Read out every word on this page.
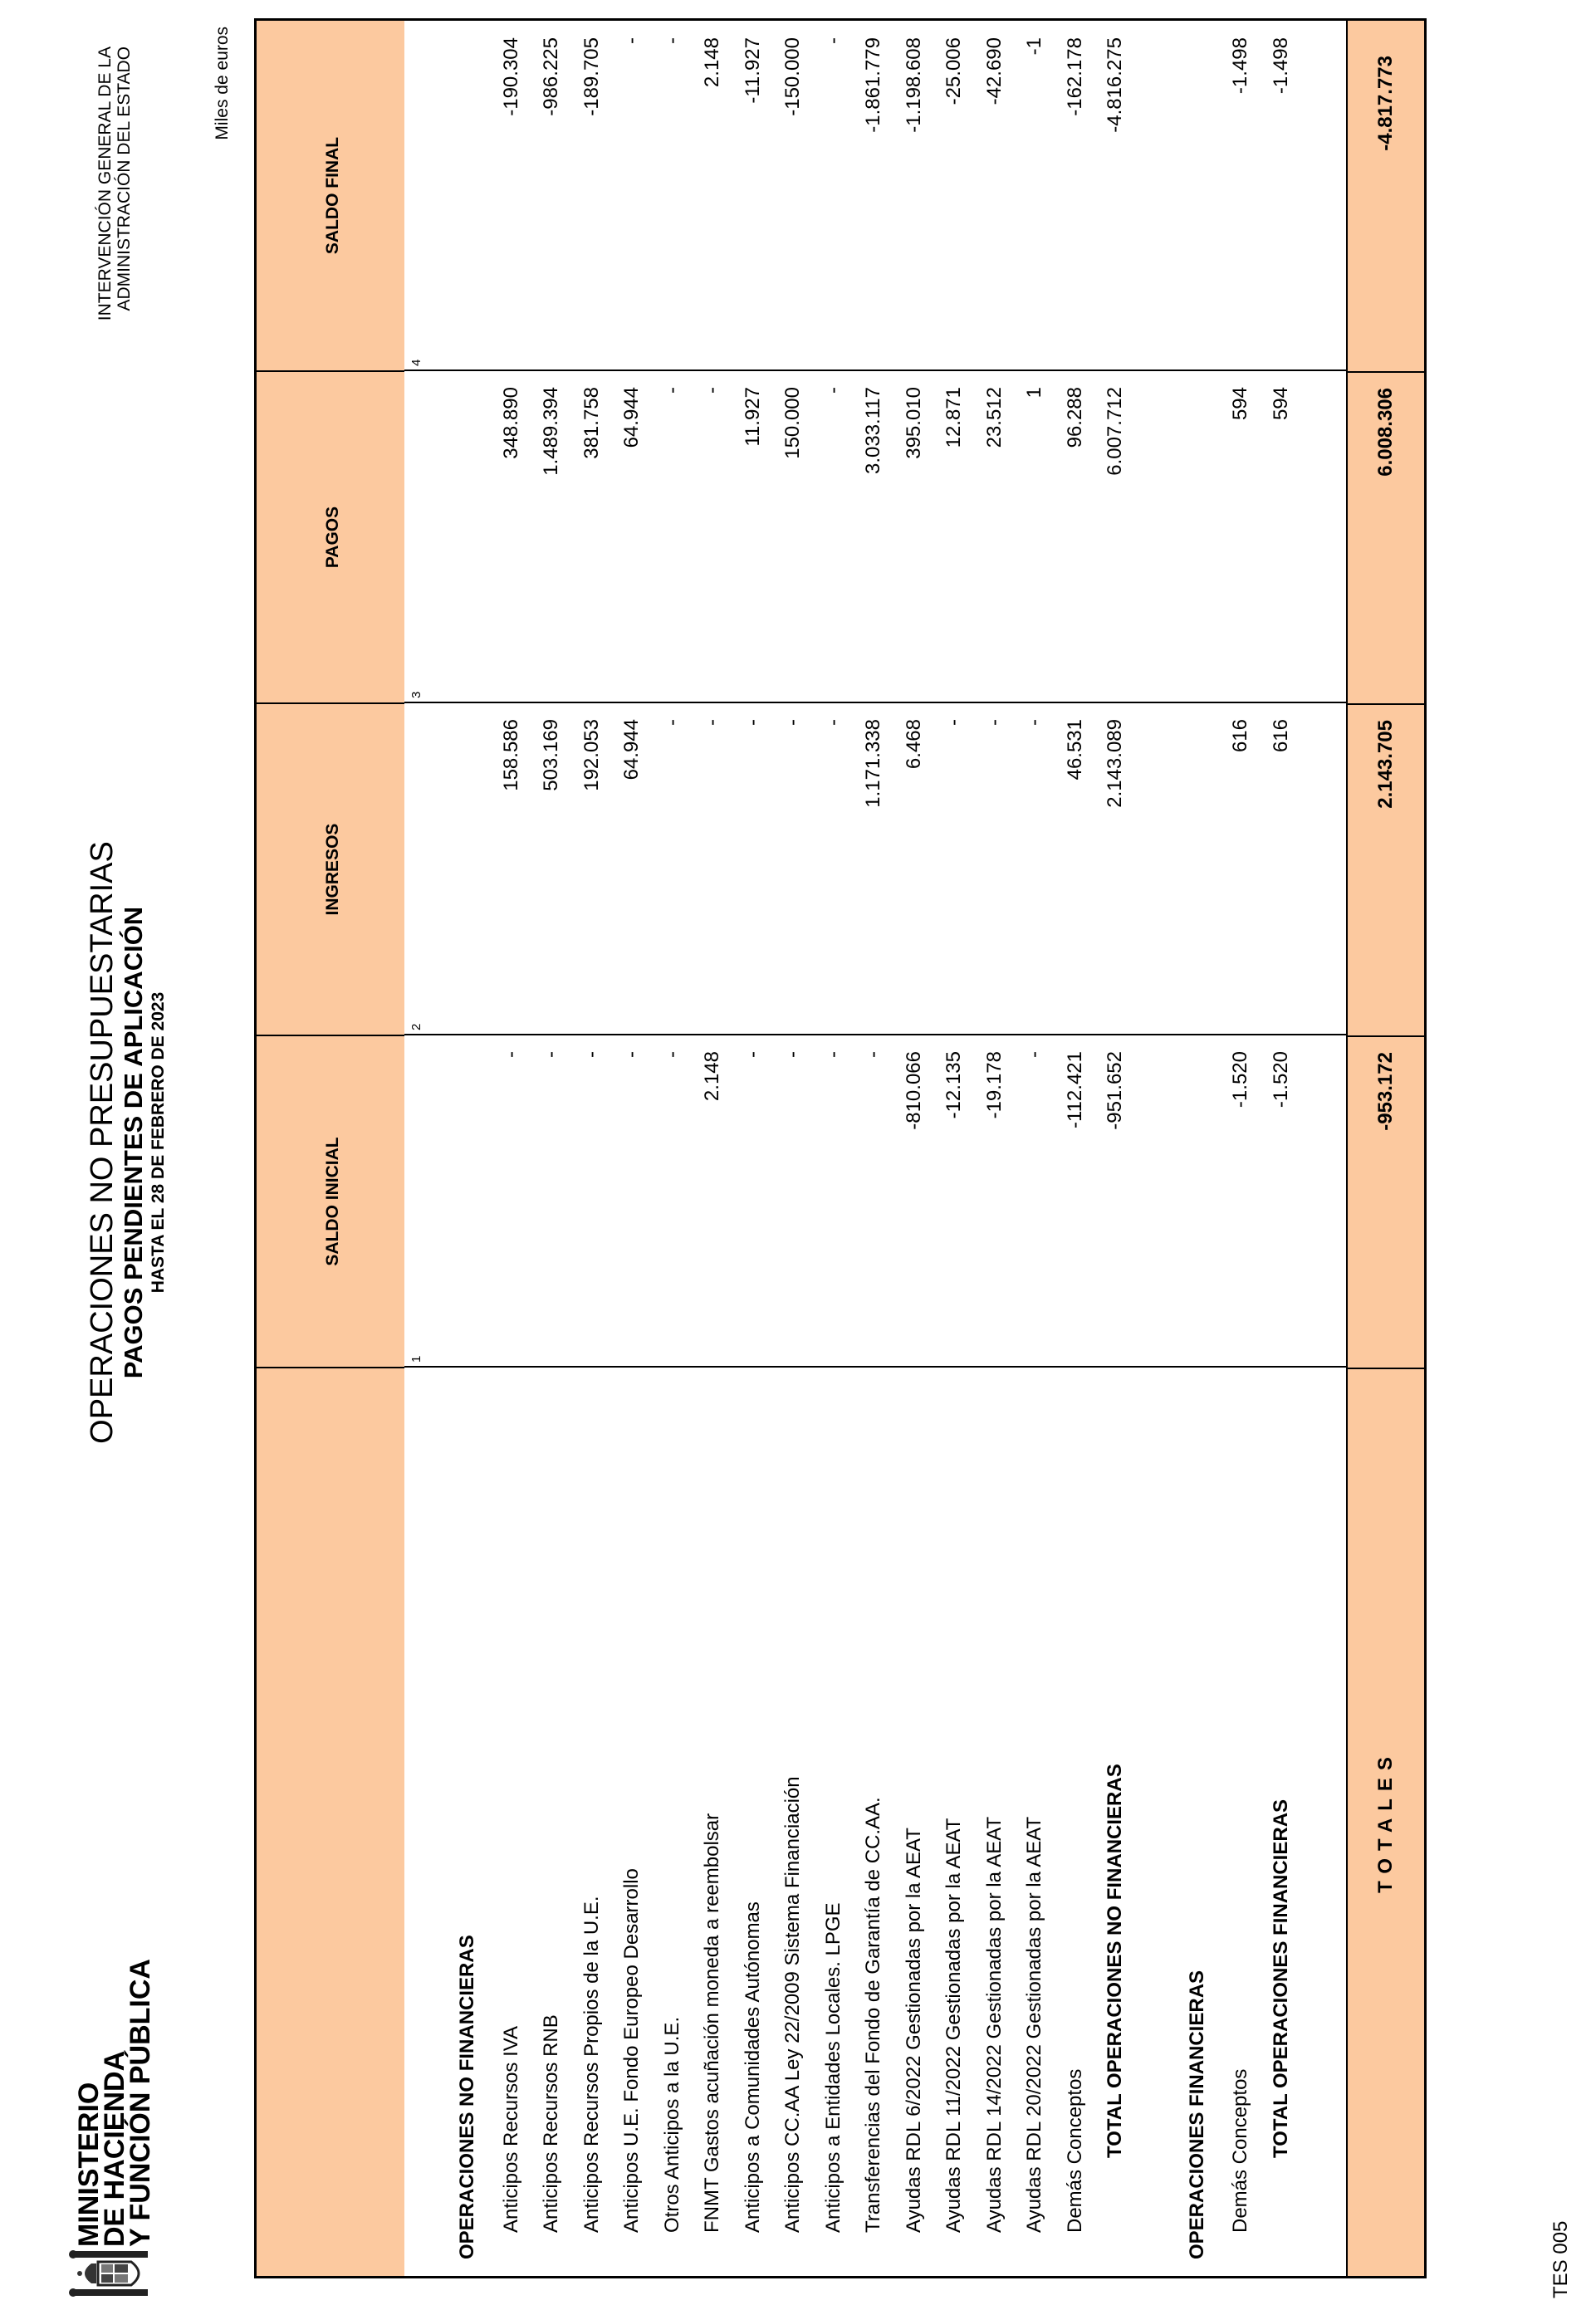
MINISTERIO
DE HACIENDA
Y FUNCIÓN PÚBLICA
OPERACIONES NO PRESUPUESTARIAS PAGOS PENDIENTES DE APLICACIÓN HASTA EL 28 DE FEBRERO DE 2023
INTERVENCIÓN GENERAL DE LA ADMINISTRACIÓN DEL ESTADO	Miles de euros
SALDO INICIAL
INGRESOS
PAGOS
SALDO FINAL
1
2
3
4
OPERACIONES NO FINANCIERAS Anticipos Recursos IVA
-
158.586
348.890
-190.304
Anticipos Recursos RNB
-
503.169
1.489.394
-986.225
Anticipos Recursos Propios de la U.E.
-
192.053
381.758
-189.705
Anticipos U.E. Fondo Europeo Desarrollo
-
64.944
64.944
-
Otros Anticipos a la U.E.
-
-
-
-
FNMT Gastos acuñación moneda a reembolsar
2.148
-
-
2.148
Anticipos a Comunidades Autónomas
-
-
11.927
-11.927
Anticipos CC.AA Ley 22/2009 Sistema Financiación
-
-
150.000
-150.000
Anticipos a Entidades Locales. LPGE
-
-
-
-
Transferencias del Fondo de Garantía de CC.AA.
-
1.171.338
3.033.117
-1.861.779
Ayudas RDL 6/2022 Gestionadas por la AEAT
-810.066
6.468
395.010
-1.198.608
Ayudas RDL 11/2022 Gestionadas por la AEAT
-12.135
-
12.871
-25.006
Ayudas RDL 14/2022 Gestionadas por la AEAT
-19.178
-
23.512
-42.690
Ayudas RDL 20/2022 Gestionadas por la AEAT
-
-
1
-1
Demás Conceptos
-112.421
46.531
96.288
-162.178
TOTAL OPERACIONES NO FINANCIERAS
-951.652
2.143.089
6.007.712
-4.816.275
OPERACIONES FINANCIERAS Demás Conceptos
-1.520
616
594
-1.498
TOTAL OPERACIONES FINANCIERAS
-1.520
616
594
-1.498
TOTALES
-953.172
2.143.705
6.008.306
-4.817.773
TES 005
